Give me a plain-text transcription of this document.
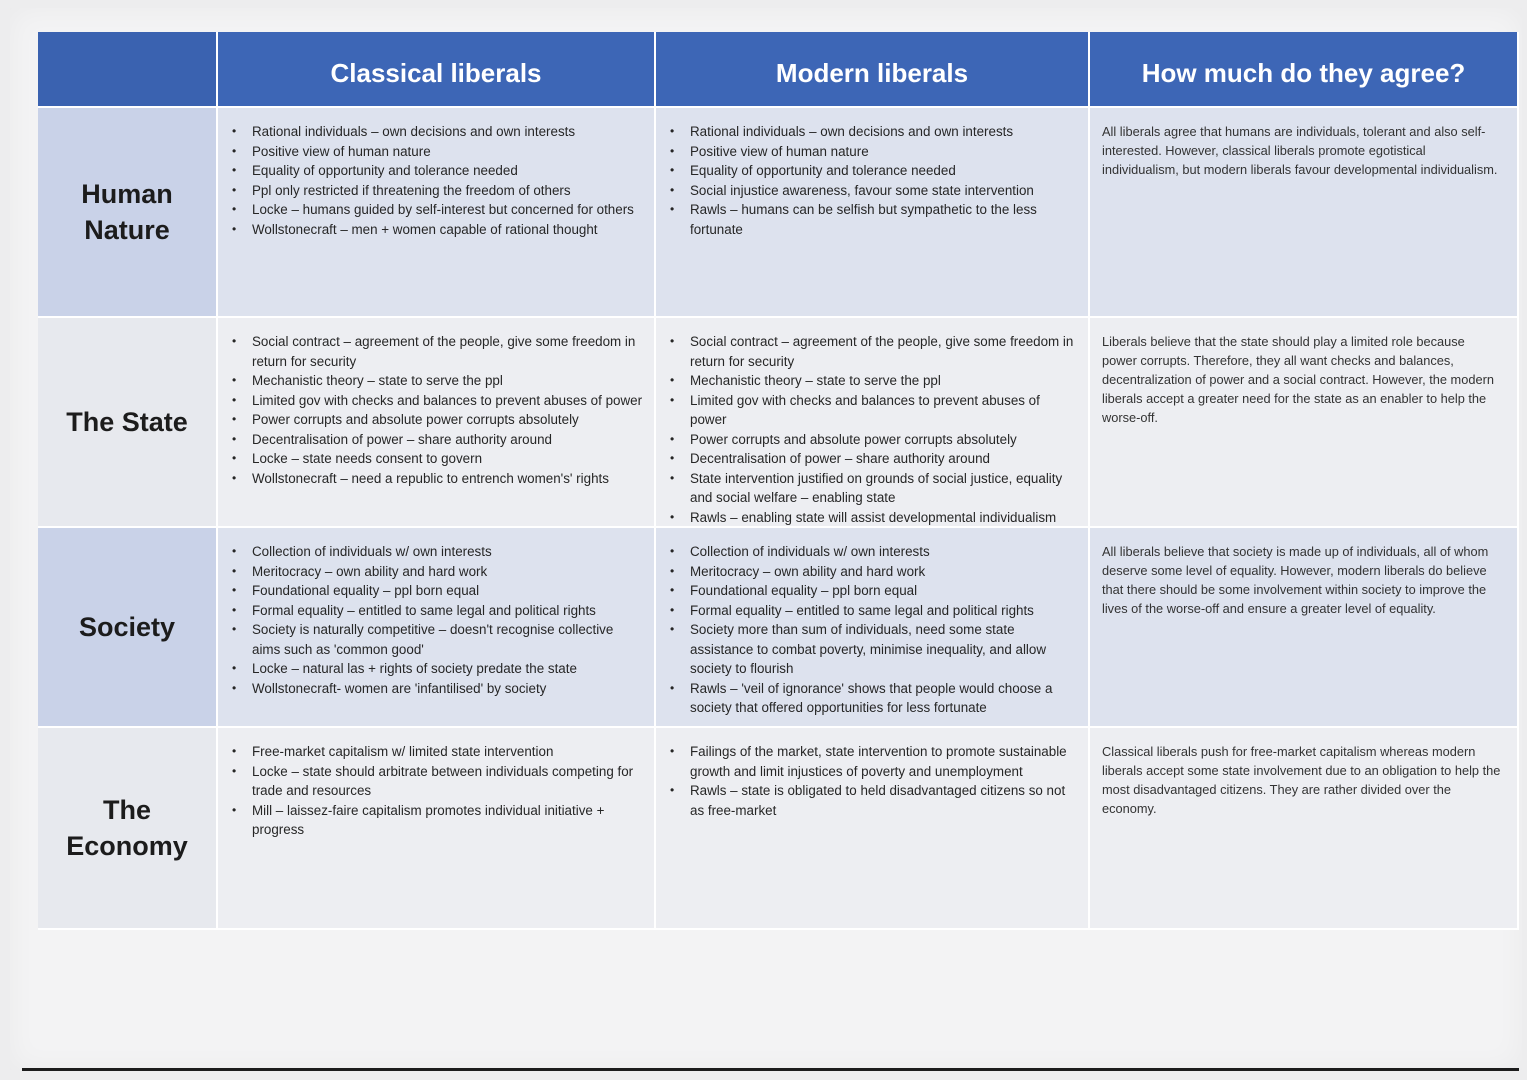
Classical liberals	Modern liberals	How much do they agree?
Human
Nature
• Rational individuals – own decisions and own interests
• Positive view of human nature
• Equality of opportunity and tolerance needed
• Ppl only restricted if threatening the freedom of others
• Locke – humans guided by self-interest but concerned for others
• Wollstonecraft – men + women capable of rational thought
• Rational individuals – own decisions and own interests
• Positive view of human nature
• Equality of opportunity and tolerance needed
• Social injustice awareness, favour some state intervention
• Rawls – humans can be selfish but sympathetic to the less fortunate

All liberals agree that humans are individuals, tolerant and also self-interested. However, classical liberals promote egotistical individualism, but modern liberals favour developmental individualism.

The State
• Social contract – agreement of the people, give some freedom in return for security
• Mechanistic theory – state to serve the ppl
• Limited gov with checks and balances to prevent abuses of power
• Power corrupts and absolute power corrupts absolutely
• Decentralisation of power – share authority around
• Locke – state needs consent to govern
• Wollstonecraft – need a republic to entrench women's' rights
• Social contract – agreement of the people, give some freedom in return for security
• Mechanistic theory – state to serve the ppl
• Limited gov with checks and balances to prevent abuses of power
• Power corrupts and absolute power corrupts absolutely
• Decentralisation of power – share authority around
• State intervention justified on grounds of social justice, equality and social welfare – enabling state
• Rawls – enabling state will assist developmental individualism

Liberals believe that the state should play a limited role because power corrupts. Therefore, they all want checks and balances, decentralization of power and a social contract. However, the modern liberals accept a greater need for the state as an enabler to help the worse-off.

Society
• Collection of individuals w/ own interests
• Meritocracy – own ability and hard work
• Foundational equality – ppl born equal
• Formal equality – entitled to same legal and political rights
• Society is naturally competitive – doesn't recognise collective aims such as 'common good'
• Locke – natural las + rights of society predate the state
• Wollstonecraft- women are 'infantilised' by society
• Collection of individuals w/ own interests
• Meritocracy – own ability and hard work
• Foundational equality – ppl born equal
• Formal equality – entitled to same legal and political rights
• Society more than sum of individuals, need some state assistance to combat poverty, minimise inequality, and allow society to flourish
• Rawls – 'veil of ignorance' shows that people would choose a society that offered opportunities for less fortunate

All liberals believe that society is made up of individuals, all of whom deserve some level of equality. However, modern liberals do believe that there should be some involvement within society to improve the lives of the worse-off and ensure a greater level of equality.

The
Economy
• Free-market capitalism w/ limited state intervention
• Locke – state should arbitrate between individuals competing for trade and resources
• Mill – laissez-faire capitalism promotes individual initiative + progress
• Failings of the market, state intervention to promote sustainable growth and limit injustices of poverty and unemployment
• Rawls – state is obligated to held disadvantaged citizens so not as free-market

Classical liberals push for free-market capitalism whereas modern liberals accept some state involvement due to an obligation to help the most disadvantaged citizens. They are rather divided over the economy.
